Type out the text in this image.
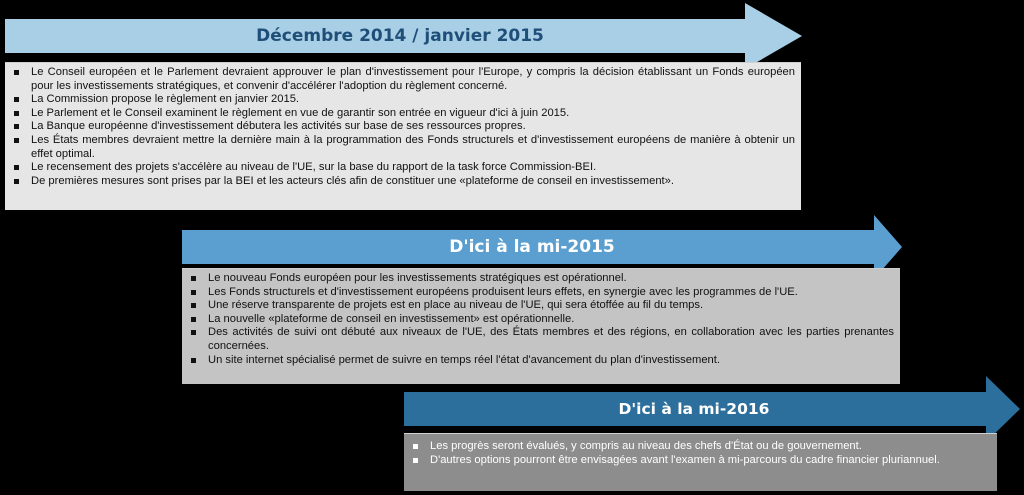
Décembre 2014 / janvier 2015
Le Conseil européen et le Parlement devraient approuver le plan d'investissement pour l'Europe, y compris la décision établissant un Fonds européen pour les investissements stratégiques, et convenir d'accélérer l'adoption du règlement concerné.
La Commission propose le règlement en janvier 2015.
Le Parlement et le Conseil examinent le règlement en vue de garantir son entrée en vigueur d'ici à juin 2015.
La Banque européenne d'investissement débutera les activités sur base de ses ressources propres.
Les États membres devraient mettre la dernière main à la programmation des Fonds structurels et d'investissement européens de manière à obtenir un effet optimal.
Le recensement des projets s'accélère au niveau de l'UE, sur la base du rapport de la task force Commission-BEI.
De premières mesures sont prises par la BEI et les acteurs clés afin de constituer une «plateforme de conseil en investissement».
D'ici à la mi-2015
Le nouveau Fonds européen pour les investissements stratégiques est opérationnel.
Les Fonds structurels et d'investissement européens produisent leurs effets, en synergie avec les programmes de l'UE.
Une réserve transparente de projets est en place au niveau de l'UE, qui sera étoffée au fil du temps.
La nouvelle «plateforme de conseil en investissement» est opérationnelle.
Des activités de suivi ont débuté aux niveaux de l'UE, des États membres et des régions, en collaboration avec les parties prenantes concernées.
Un site internet spécialisé permet de suivre en temps réel l'état d'avancement du plan d'investissement.
D'ici à la mi-2016
Les progrès seront évalués, y compris au niveau des chefs d'État ou de gouvernement.
D'autres options pourront être envisagées avant l'examen à mi-parcours du cadre financier pluriannuel.
